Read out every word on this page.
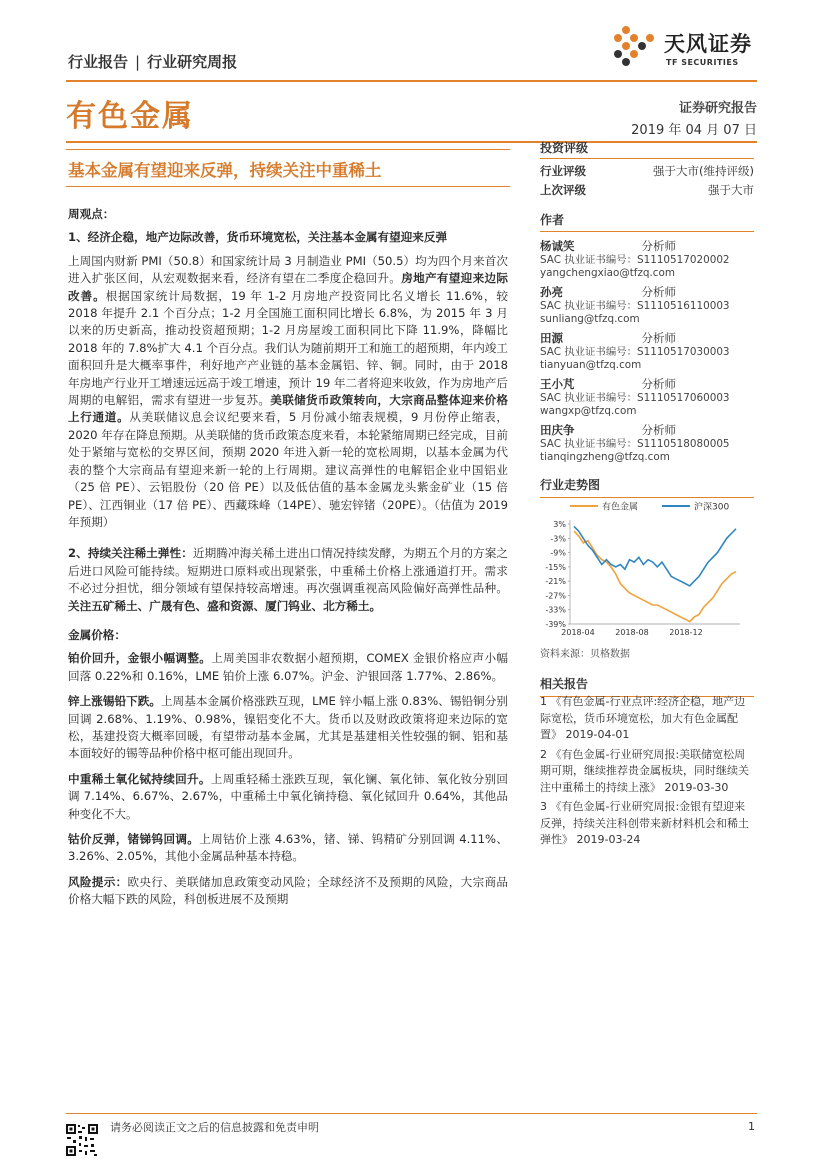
行业报告 | 行业研究周报
天风证券
TF SECURITIES
有色金属	证券研究报告
2019 年 04 月 07 日
基本金属有望迎来反弹，持续关注中重稀土

周观点：

1、经济企稳，地产边际改善，货币环境宽松，关注基本金属有望迎来反弹

上周国内财新 PMI（50.8）和国家统计局 3 月制造业 PMI（50.5）均为四个月来首次进入扩张区间，从宏观数据来看，经济有望在二季度企稳回升。房地产有望迎来边际改善。根据国家统计局数据，19 年 1-2 月房地产投资同比名义增长 11.6%，较 2018 年提升 2.1 个百分点；1-2 月全国施工面积同比增长 6.8%，为 2015 年 3 月以来的历史新高，推动投资超预期；1-2 月房屋竣工面积同比下降 11.9%，降幅比 2018 年的 7.8%扩大 4.1 个百分点。我们认为随前期开工和施工的超预期，年内竣工面积回升是大概率事件，利好地产产业链的基本金属铝、锌、铜。同时，由于 2018 年房地产行业开工增速远远高于竣工增速，预计 19 年二者将迎来收敛，作为房地产后周期的电解铝，需求有望进一步复苏。美联储货币政策转向，大宗商品整体迎来价格上行通道。从美联储议息会议纪要来看，5 月份减小缩表规模，9 月份停止缩表，2020 年存在降息预期。从美联储的货币政策态度来看，本轮紧缩周期已经完成，目前处于紧缩与宽松的交界区间，预期 2020 年进入新一轮的宽松周期，以基本金属为代表的整个大宗商品有望迎来新一轮的上行周期。建议高弹性的电解铝企业中国铝业（25 倍 PE）、云铝股份（20 倍 PE）以及低估值的基本金属龙头紫金矿业（15 倍 PE）、江西铜业（17 倍 PE）、西藏珠峰（14PE）、驰宏锌锗（20PE）。（估值为 2019 年预期）

2、持续关注稀土弹性：近期腾冲海关稀土进出口情况持续发酵，为期五个月的方案之后进口风险可能持续。短期进口原料或出现紧张，中重稀土价格上涨通道打开。需求不必过分担忧，细分领域有望保持较高增速。再次强调重视高风险偏好高弹性品种。关注五矿稀土、广晟有色、盛和资源、厦门钨业、北方稀土。

金属价格：

铂价回升，金银小幅调整。上周美国非农数据小超预期，COMEX 金银价格应声小幅回落 0.22%和 0.16%，LME 铂价上涨 6.07%。沪金、沪银回落 1.77%、2.86%。

锌上涨锡铅下跌。上周基本金属价格涨跌互现，LME 锌小幅上涨 0.83%、锡铅铜分别回调 2.68%、1.19%、0.98%，镍铝变化不大。货币以及财政政策将迎来边际的宽松，基建投资大概率回暖，有望带动基本金属，尤其是基建相关性较强的铜、铝和基本面较好的锡等品种价格中枢可能出现回升。

中重稀土氧化铽持续回升。上周重轻稀土涨跌互现，氧化镧、氧化铈、氧化钕分别回调 7.14%、6.67%、2.67%，中重稀土中氧化镝持稳、氧化铽回升 0.64%，其他品种变化不大。

钴价反弹，锗锑钨回调。上周钴价上涨 4.63%，锗、锑、钨精矿分别回调 4.11%、3.26%、2.05%，其他小金属品种基本持稳。

风险提示：欧央行、美联储加息政策变动风险；全球经济不及预期的风险，大宗商品价格大幅下跌的风险，科创板进展不及预期

投资评级
行业评级	强于大市(维持评级)
上次评级	强于大市
作者
杨诚笑	分析师
SAC 执业证书编号：S1110517020002
yangchengxiao@tfzq.com
孙亮	分析师
SAC 执业证书编号：S1110516110003
sunliang@tfzq.com
田源	分析师
SAC 执业证书编号：S1110517030003
tianyuan@tfzq.com
王小芃	分析师
SAC 执业证书编号：S1110517060003
wangxp@tfzq.com
田庆争	分析师
SAC 执业证书编号：S1110518080005
tianqingzheng@tfzq.com
行业走势图
有色金属	沪深300
3%
-3%
-9%
-15%
-21%
-27%
-33%
-39%
2018-04	2018-08	2018-12
资料来源：贝格数据
相关报告

1 《有色金属-行业点评:经济企稳，地产边际宽松，货币环境宽松，加大有色金属配置》 2019-04-01

2 《有色金属-行业研究周报:美联储宽松周期可期，继续推荐贵金属板块，同时继续关注中重稀土的持续上涨》 2019-03-30

3 《有色金属-行业研究周报:金银有望迎来反弹，持续关注科创带来新材料机会和稀土弹性》 2019-03-24

请务必阅读正文之后的信息披露和免责申明	1
